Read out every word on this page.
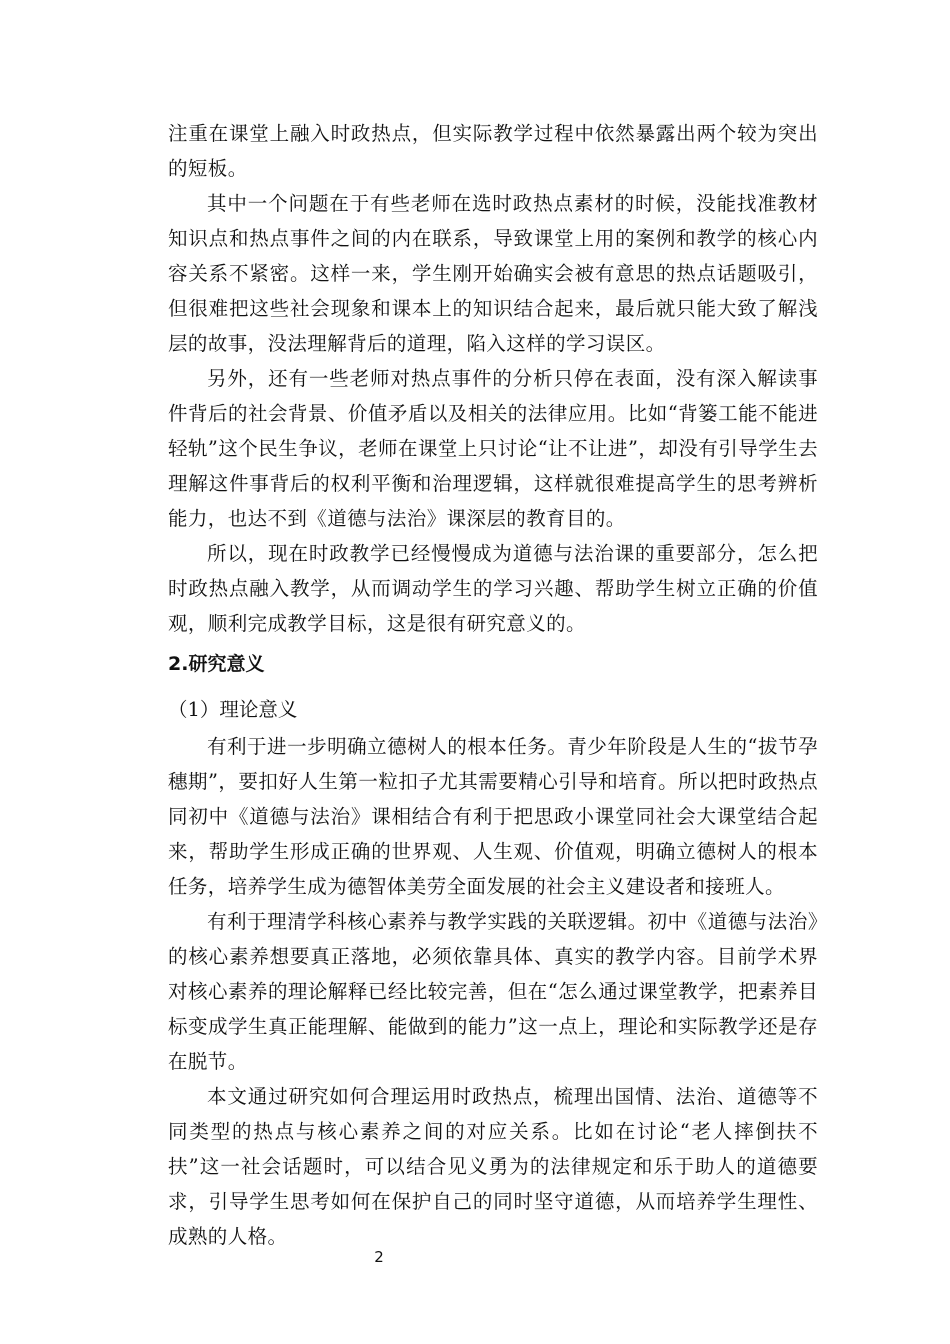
注重在课堂上融入时政热点，但实际教学过程中依然暴露出两个较为突出的短板。

其中一个问题在于有些老师在选时政热点素材的时候，没能找准教材知识点和热点事件之间的内在联系，导致课堂上用的案例和教学的核心内容关系不紧密。这样一来，学生刚开始确实会被有意思的热点话题吸引，但很难把这些社会现象和课本上的知识结合起来，最后就只能大致了解浅层的故事，没法理解背后的道理，陷入这样的学习误区。

另外，还有一些老师对热点事件的分析只停在表面，没有深入解读事件背后的社会背景、价值矛盾以及相关的法律应用。比如“背篓工能不能进轻轨”这个民生争议，老师在课堂上只讨论“让不让进”，却没有引导学生去理解这件事背后的权利平衡和治理逻辑，这样就很难提高学生的思考辨析能力，也达不到《道德与法治》课深层的教育目的。

所以，现在时政教学已经慢慢成为道德与法治课的重要部分，怎么把时政热点融入教学，从而调动学生的学习兴趣、帮助学生树立正确的价值观，顺利完成教学目标，这是很有研究意义的。

2.研究意义
（1）理论意义

有利于进一步明确立德树人的根本任务。青少年阶段是人生的“拔节孕穗期”，要扣好人生第一粒扣子尤其需要精心引导和培育。所以把时政热点同初中《道德与法治》课相结合有利于把思政小课堂同社会大课堂结合起来，帮助学生形成正确的世界观、人生观、价值观，明确立德树人的根本任务，培养学生成为德智体美劳全面发展的社会主义建设者和接班人。

有利于理清学科核心素养与教学实践的关联逻辑。初中《道德与法治》的核心素养想要真正落地，必须依靠具体、真实的教学内容。目前学术界对核心素养的理论解释已经比较完善，但在“怎么通过课堂教学，把素养目标变成学生真正能理解、能做到的能力”这一点上，理论和实际教学还是存在脱节。

本文通过研究如何合理运用时政热点，梳理出国情、法治、道德等不同类型的热点与核心素养之间的对应关系。比如在讨论“老人摔倒扶不扶”这一社会话题时，可以结合见义勇为的法律规定和乐于助人的道德要求，引导学生思考如何在保护自己的同时坚守道德，从而培养学生理性、成熟的人格。

2
